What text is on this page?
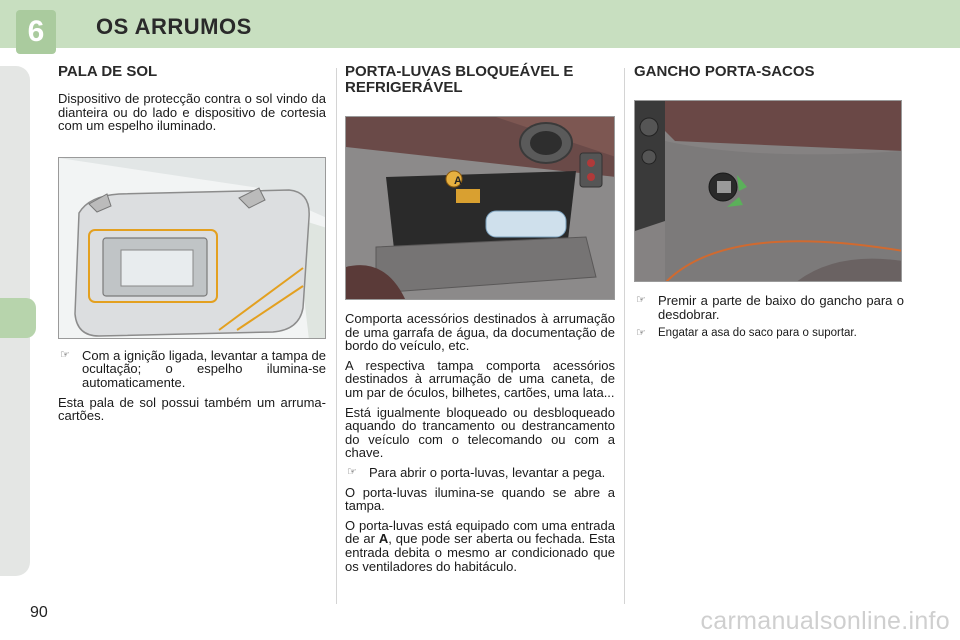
6	OS ARRUMOS
PALA DE SOL
Dispositivo de protecção contra o sol vindo da dianteira ou do lado e dispositivo de cortesia com um espelho iluminado.
☞ Com a ignição ligada, levantar a tampa de ocultação; o espelho ilumina-se automaticamente.
Esta pala de sol possui também um arruma-cartões.
PORTA-LUVAS BLOQUEÁVEL E REFRIGERÁVEL
A
Comporta acessórios destinados à arrumação de uma garrafa de água, da documentação de bordo do veículo, etc.
A respectiva tampa comporta acessórios destinados à arrumação de uma caneta, de um par de óculos, bilhetes, cartões, uma lata...
Está igualmente bloqueado ou desbloqueado aquando do trancamento ou destrancamento do veículo com o telecomando ou com a chave.
☞ Para abrir o porta-luvas, levantar a pega.
O porta-luvas ilumina-se quando se abre a tampa.
O porta-luvas está equipado com uma entrada de ar A, que pode ser aberta ou fechada. Esta entrada debita o mesmo ar condicionado que os ventiladores do habitáculo.
GANCHO PORTA-SACOS
☞ Premir a parte de baixo do gancho para o desdobrar.
☞	Engatar a asa do saco para o suportar.
90	carmanualsonline.info
